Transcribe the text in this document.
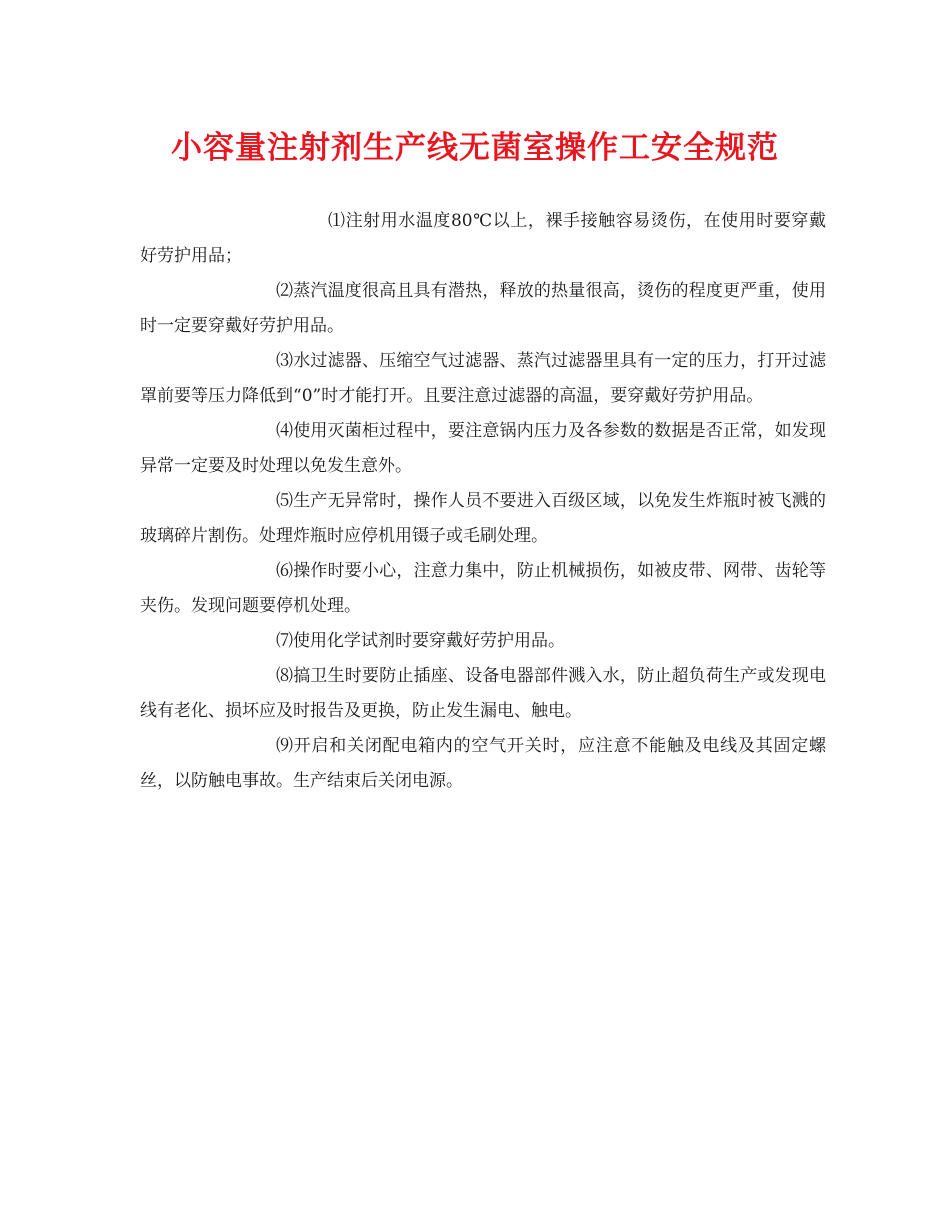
小容量注射剂生产线无菌室操作工安全规范

⑴注射用水温度80℃以上，裸手接触容易烫伤，在使用时要穿戴好劳护用品；

⑵蒸汽温度很高且具有潜热，释放的热量很高，烫伤的程度更严重，使用时一定要穿戴好劳护用品。

⑶水过滤器、压缩空气过滤器、蒸汽过滤器里具有一定的压力，打开过滤罩前要等压力降低到“0”时才能打开。且要注意过滤器的高温，要穿戴好劳护用品。

⑷使用灭菌柜过程中，要注意锅内压力及各参数的数据是否正常，如发现异常一定要及时处理以免发生意外。

⑸生产无异常时，操作人员不要进入百级区域，以免发生炸瓶时被飞溅的玻璃碎片割伤。处理炸瓶时应停机用镊子或毛刷处理。

⑹操作时要小心，注意力集中，防止机械损伤，如被皮带、网带、齿轮等夹伤。发现问题要停机处理。

⑺使用化学试剂时要穿戴好劳护用品。

⑻搞卫生时要防止插座、设备电器部件溅入水，防止超负荷生产或发现电线有老化、损坏应及时报告及更换，防止发生漏电、触电。

⑼开启和关闭配电箱内的空气开关时，应注意不能触及电线及其固定螺丝，以防触电事故。生产结束后关闭电源。
